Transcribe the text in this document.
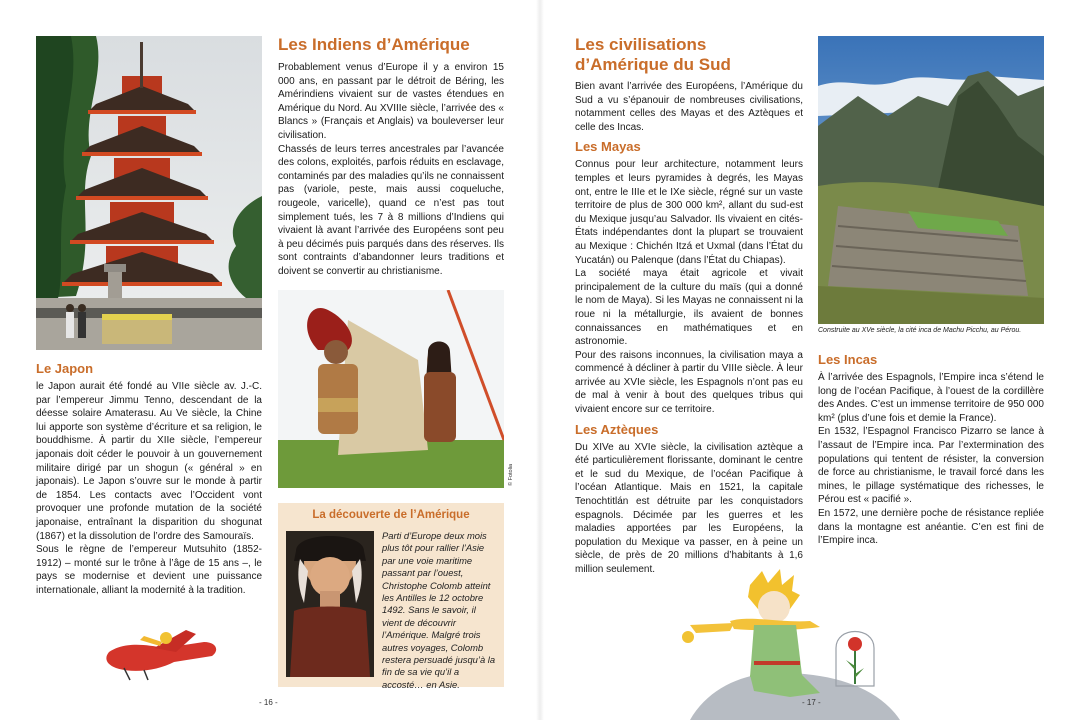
Le Japon

le Japon aurait été fondé au VIIe siècle av. J.-C. par l’empereur Jimmu Tenno, descendant de la déesse solaire Amaterasu. Au Ve siècle, la Chine lui apporte son système d’écriture et sa religion, le bouddhisme. À partir du XIIe siècle, l’empereur japonais doit céder le pouvoir à un gouvernement militaire dirigé par un shogun (« général » en japonais). Le Japon s’ouvre sur le monde à partir de 1854. Les contacts avec l’Occident vont provoquer une profonde mutation de la société japonaise, entraînant la disparition du shogunat (1867) et la dissolution de l’ordre des Samouraïs.

Sous le règne de l’empereur Mutsuhito (1852-1912) – monté sur le trône à l’âge de 15 ans –, le pays se modernise et devient une puissance internationale, alliant la modernité à la tradition.

Les Indiens d’Amérique

Probablement venus d’Europe il y a environ 15 000 ans, en passant par le détroit de Béring, les Amérindiens vivaient sur de vastes étendues en Amérique du Nord. Au XVIIIe siècle, l’arrivée des « Blancs » (Français et Anglais) va bouleverser leur civilisation.

Chassés de leurs terres ancestrales par l’avancée des colons, exploités, parfois réduits en esclavage, contaminés par des maladies qu’ils ne connaissent pas (variole, peste, mais aussi coqueluche, rougeole, varicelle), quand ce n’est pas tout simplement tués, les 7 à 8 millions d’Indiens qui vivaient là avant l’arrivée des Européens sont peu à peu décimés puis parqués dans des réserves. Ils sont contraints d’abandonner leurs traditions et doivent se convertir au christianisme.

© Fotolia
La découverte de l’Amérique
Parti d’Europe deux mois plus tôt pour rallier l’Asie par une voie maritime passant par l’ouest, Christophe Colomb atteint les Antilles le 12 octobre 1492. Sans le savoir, il vient de découvrir l’Amérique. Malgré trois autres voyages, Colomb restera persuadé jusqu’à la fin de sa vie qu’il a accosté… en Asie.
- 16 -
Les civilisations d’Amérique du Sud
Bien avant l’arrivée des Européens, l’Amérique du Sud a vu s’épanouir de nombreuses civilisations, notamment celles des Mayas et des Aztèques et celle des Incas.
Les Mayas

Connus pour leur architecture, notamment leurs temples et leurs pyramides à degrés, les Mayas ont, entre le IIIe et le IXe siècle, régné sur un vaste territoire de plus de 300 000 km², allant du sud-est du Mexique jusqu’au Salvador. Ils vivaient en cités-États indépendantes dont la plupart se trouvaient au Mexique : Chichén Itzá et Uxmal (dans l’État du Yucatán) ou Palenque (dans l’État du Chiapas).

La société maya était agricole et vivait principalement de la culture du maïs (qui a donné le nom de Maya). Si les Mayas ne connaissent ni la roue ni la métallurgie, ils avaient de bonnes connaissances en mathématiques et en astronomie.

Pour des raisons inconnues, la civilisation maya a commencé à décliner à partir du VIIIe siècle. À leur arrivée au XVIe siècle, les Espagnols n’ont pas eu de mal à venir à bout des quelques tribus qui vivaient encore sur ce territoire.

Les Aztèques
Du XIVe au XVIe siècle, la civilisation aztèque a été particulièrement florissante, dominant le centre et le sud du Mexique, de l’océan Pacifique à l’océan Atlantique. Mais en 1521, la capitale Tenochtitlán est détruite par les conquistadors espagnols. Décimée par les guerres et les maladies apportées par les Européens, la population du Mexique va passer, en à peine un siècle, de près de 20 millions d’habitants à 1,6 million seulement.
Construite au XVe siècle, la cité inca de Machu Picchu, au Pérou.
Les Incas

À l’arrivée des Espagnols, l’Empire inca s’étend le long de l’océan Pacifique, à l’ouest de la cordillère des Andes. C’est un immense territoire de 950 000 km² (plus d’une fois et demie la France).

En 1532, l’Espagnol Francisco Pizarro se lance à l’assaut de l’Empire inca. Par l’extermination des populations qui tentent de résister, la conversion de force au christianisme, le travail forcé dans les mines, le pillage systématique des richesses, le Pérou est « pacifié ».

En 1572, une dernière poche de résistance repliée dans la montagne est anéantie. C’en est fini de l’Empire inca.

- 17 -
